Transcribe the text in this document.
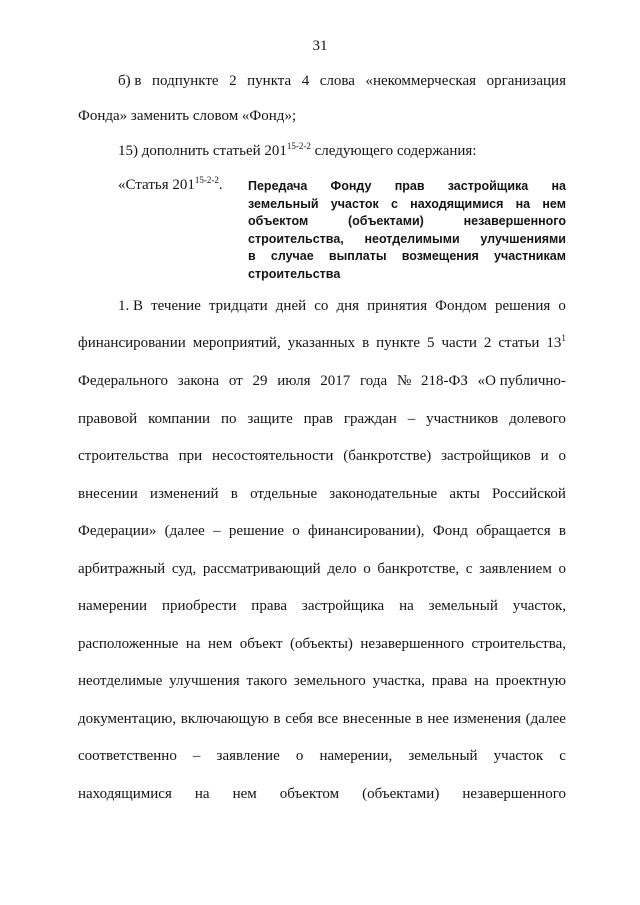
31
б) в подпункте 2 пункта 4 слова «некоммерческая организация
Фонда» заменить словом «Фонд»;
15) дополнить статьей 201$^{15-2-2}$ следующего содержания:
«Статья 201$^{15-2-2}$. Передача Фонду прав застройщика на
земельный участок с находящимися на нем
объектом	(объектами)	незавершенного
строительства, неотделимыми улучшениями
в случае выплаты возмещения участникам
строительства
1. В течение тридцати дней со дня принятия Фондом решения о
финансировании мероприятий, указанных в пункте 5 части 2 статьи $13^1$
Федерального закона от 29 июля 2017 года № 218-ФЗ «О публично-
правовой компании по защите прав граждан – участников долевого
строительства при несостоятельности (банкротстве) застройщиков и о
внесении изменений в отдельные законодательные акты Российской
Федерации» (далее – решение о финансировании), Фонд обращается в
арбитражный суд, рассматривающий дело о банкротстве, с заявлением о
намерении приобрести права застройщика на земельный участок,
расположенные на нем объект (объекты) незавершенного строительства,
неотделимые улучшения такого земельного участка, права на проектную
документацию, включающую в себя все внесенные в нее изменения (далее
соответственно – заявление о намерении, земельный участок с
находящимися на нем объектом (объектами) незавершенного
